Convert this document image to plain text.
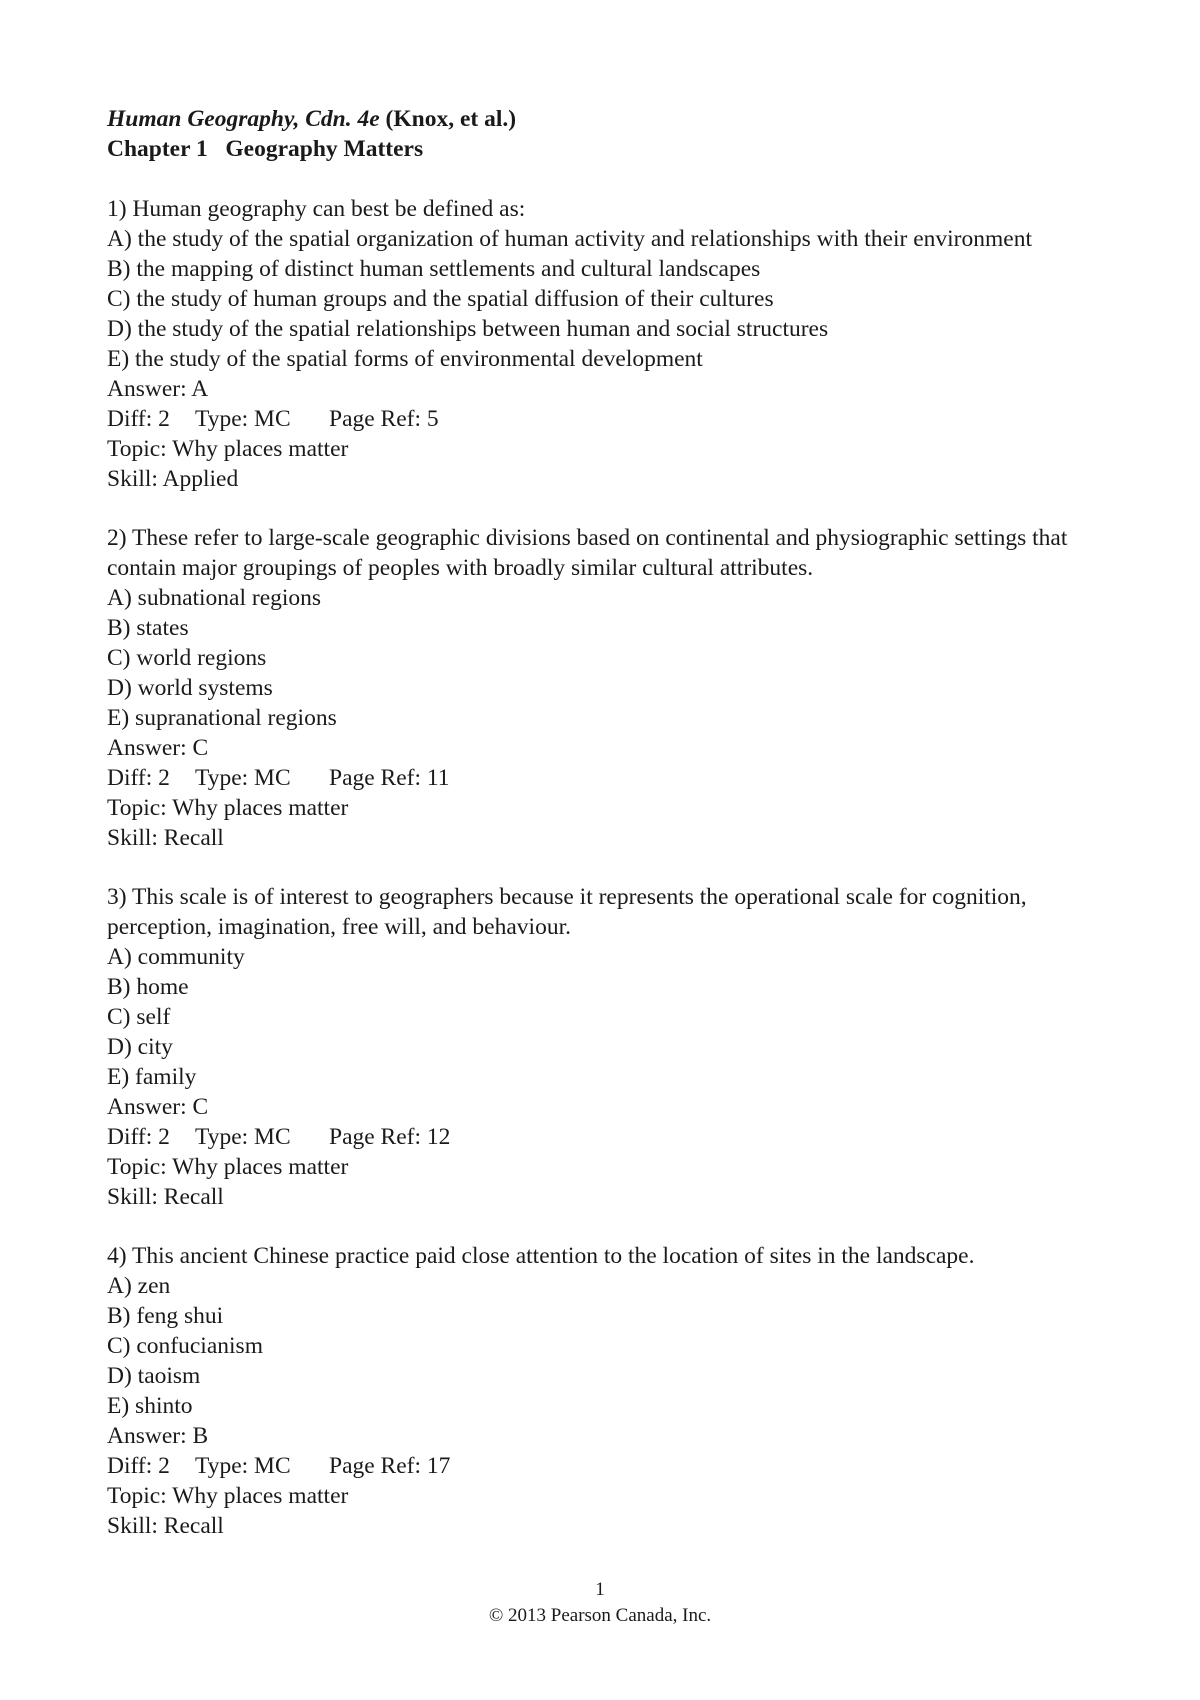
Human Geography, Cdn. 4e (Knox, et al.)
Chapter 1 Geography Matters
1) Human geography can best be defined as:
A) the study of the spatial organization of human activity and relationships with their environment
B) the mapping of distinct human settlements and cultural landscapes
C) the study of human groups and the spatial diffusion of their cultures
D) the study of the spatial relationships between human and social structures
E) the study of the spatial forms of environmental development
Answer: A
Diff: 2 Type: MC Page Ref: 5
Topic: Why places matter
Skill: Applied
2) These refer to large-scale geographic divisions based on continental and physiographic settings that contain major groupings of peoples with broadly similar cultural attributes.
A) subnational regions
B) states
C) world regions
D) world systems
E) supranational regions
Answer: C
Diff: 2 Type: MC Page Ref: 11
Topic: Why places matter
Skill: Recall
3) This scale is of interest to geographers because it represents the operational scale for cognition, perception, imagination, free will, and behaviour.
A) community
B) home
C) self
D) city
E) family
Answer: C
Diff: 2 Type: MC Page Ref: 12
Topic: Why places matter
Skill: Recall
4) This ancient Chinese practice paid close attention to the location of sites in the landscape.
A) zen
B) feng shui
C) confucianism
D) taoism
E) shinto
Answer: B
Diff: 2 Type: MC Page Ref: 17
Topic: Why places matter
Skill: Recall
1
© 2013 Pearson Canada, Inc.
